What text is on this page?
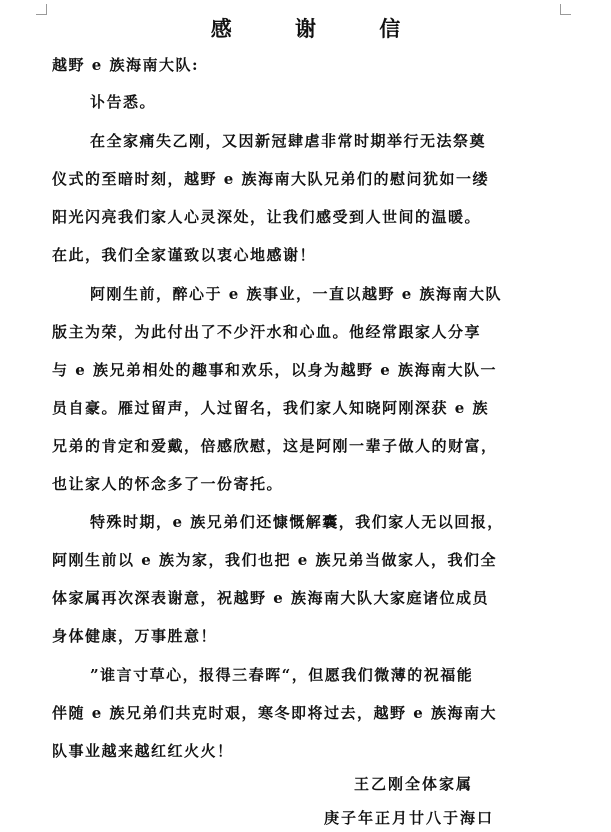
感 谢 信
越野 e 族海南大队:
讣告悉。
在全家痛失乙刚，又因新冠肆虐非常时期举行无法祭奠
仪式的至暗时刻，越野 e 族海南大队兄弟们的慰问犹如一缕
阳光闪亮我们家人心灵深处，让我们感受到人世间的温暖。
在此，我们全家谨致以衷心地感谢！
阿刚生前，醉心于 e 族事业，一直以越野 e 族海南大队
版主为荣，为此付出了不少汗水和心血。他经常跟家人分享
与 e 族兄弟相处的趣事和欢乐，以身为越野 e 族海南大队一
员自豪。雁过留声，人过留名，我们家人知晓阿刚深获 e 族
兄弟的肯定和爱戴，倍感欣慰，这是阿刚一辈子做人的财富，
也让家人的怀念多了一份寄托。
特殊时期，e 族兄弟们还慷慨解囊，我们家人无以回报，
阿刚生前以 e 族为家，我们也把 e 族兄弟当做家人，我们全
体家属再次深表谢意，祝越野 e 族海南大队大家庭诸位成员
身体健康，万事胜意！
”谁言寸草心，报得三春晖“，但愿我们微薄的祝福能
伴随 e 族兄弟们共克时艰，寒冬即将过去，越野 e 族海南大
队事业越来越红红火火！
王乙刚全体家属
庚子年正月廿八于海口
